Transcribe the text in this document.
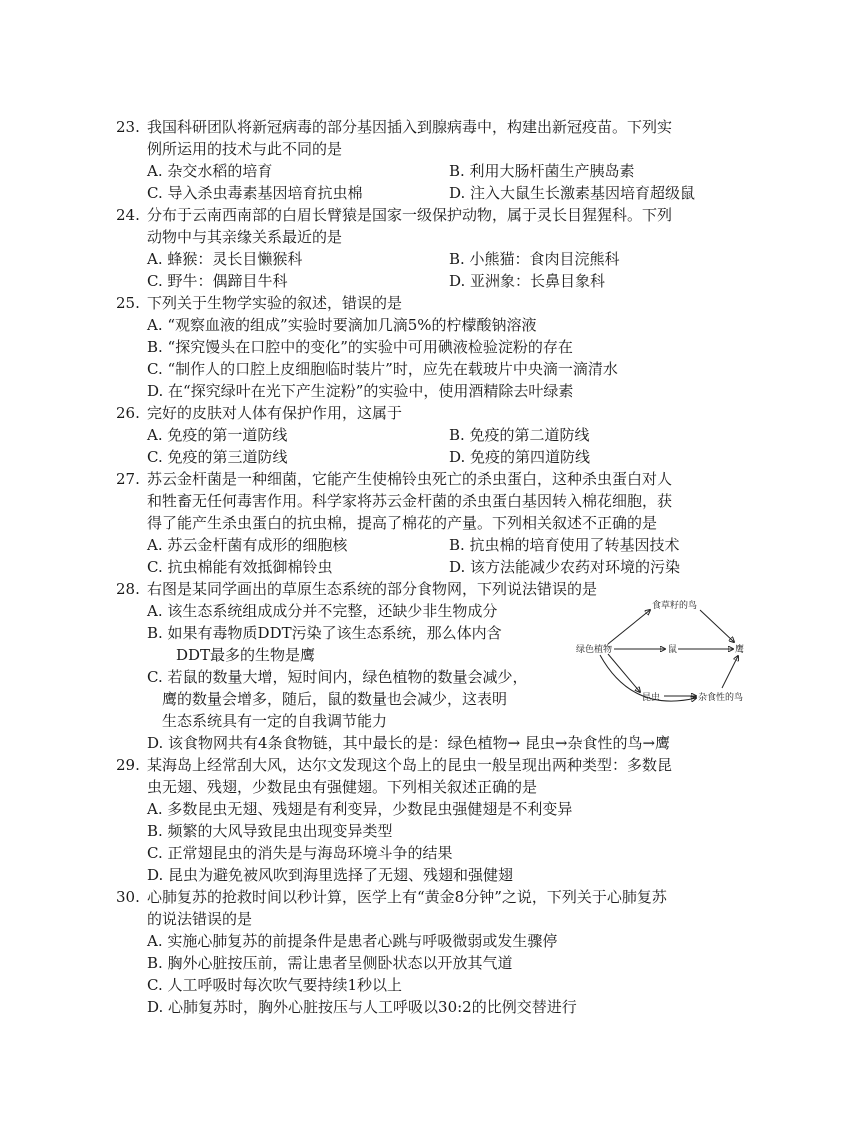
23. 我国科研团队将新冠病毒的部分基因插入到腺病毒中，构建出新冠疫苗。下列实
例所运用的技术与此不同的是
A. 杂交水稻的培育	B. 利用大肠杆菌生产胰岛素
C. 导入杀虫毒素基因培育抗虫棉	D. 注入大鼠生长激素基因培育超级鼠
24. 分布于云南西南部的白眉长臂猿是国家一级保护动物，属于灵长目猩猩科。下列
动物中与其亲缘关系最近的是
A. 蜂猴：灵长目懒猴科	B. 小熊猫：食肉目浣熊科
C. 野牛：偶蹄目牛科	D. 亚洲象：长鼻目象科
25. 下列关于生物学实验的叙述，错误的是
A. “观察血液的组成”实验时要滴加几滴5%的柠檬酸钠溶液
B. “探究馒头在口腔中的变化”的实验中可用碘液检验淀粉的存在
C. “制作人的口腔上皮细胞临时装片”时，应先在载玻片中央滴一滴清水
D. 在“探究绿叶在光下产生淀粉”的实验中，使用酒精除去叶绿素
26. 完好的皮肤对人体有保护作用，这属于
A. 免疫的第一道防线	B. 免疫的第二道防线
C. 免疫的第三道防线	D. 免疫的第四道防线
27. 苏云金杆菌是一种细菌，它能产生使棉铃虫死亡的杀虫蛋白，这种杀虫蛋白对人
和牲畜无任何毒害作用。科学家将苏云金杆菌的杀虫蛋白基因转入棉花细胞，获
得了能产生杀虫蛋白的抗虫棉，提高了棉花的产量。下列相关叙述不正确的是
A. 苏云金杆菌有成形的细胞核	B. 抗虫棉的培育使用了转基因技术
C. 抗虫棉能有效抵御棉铃虫	D. 该方法能减少农药对环境的污染
28. 右图是某同学画出的草原生态系统的部分食物网，下列说法错误的是
A. 该生态系统组成成分并不完整，还缺少非生物成分
B. 如果有毒物质DDT污染了该生态系统，那么体内含
DDT最多的生物是鹰
C. 若鼠的数量大增，短时间内，绿色植物的数量会减少，
鹰的数量会增多，随后，鼠的数量也会减少，这表明
生态系统具有一定的自我调节能力
D. 该食物网共有4条食物链，其中最长的是：绿色植物→ 昆虫→杂食性的鸟→鹰
食草籽的鸟
绿色植物	鼠	鹰
昆虫	杂食性的鸟
29. 某海岛上经常刮大风，达尔文发现这个岛上的昆虫一般呈现出两种类型：多数昆
虫无翅、残翅，少数昆虫有强健翅。下列相关叙述正确的是
A. 多数昆虫无翅、残翅是有利变异，少数昆虫强健翅是不利变异
B. 频繁的大风导致昆虫出现变异类型
C. 正常翅昆虫的消失是与海岛环境斗争的结果
D. 昆虫为避免被风吹到海里选择了无翅、残翅和强健翅
30. 心肺复苏的抢救时间以秒计算，医学上有“黄金8分钟”之说，下列关于心肺复苏
的说法错误的是
A. 实施心肺复苏的前提条件是患者心跳与呼吸微弱或发生骤停
B. 胸外心脏按压前，需让患者呈侧卧状态以开放其气道
C. 人工呼吸时每次吹气要持续1秒以上
D. 心肺复苏时，胸外心脏按压与人工呼吸以30:2的比例交替进行
